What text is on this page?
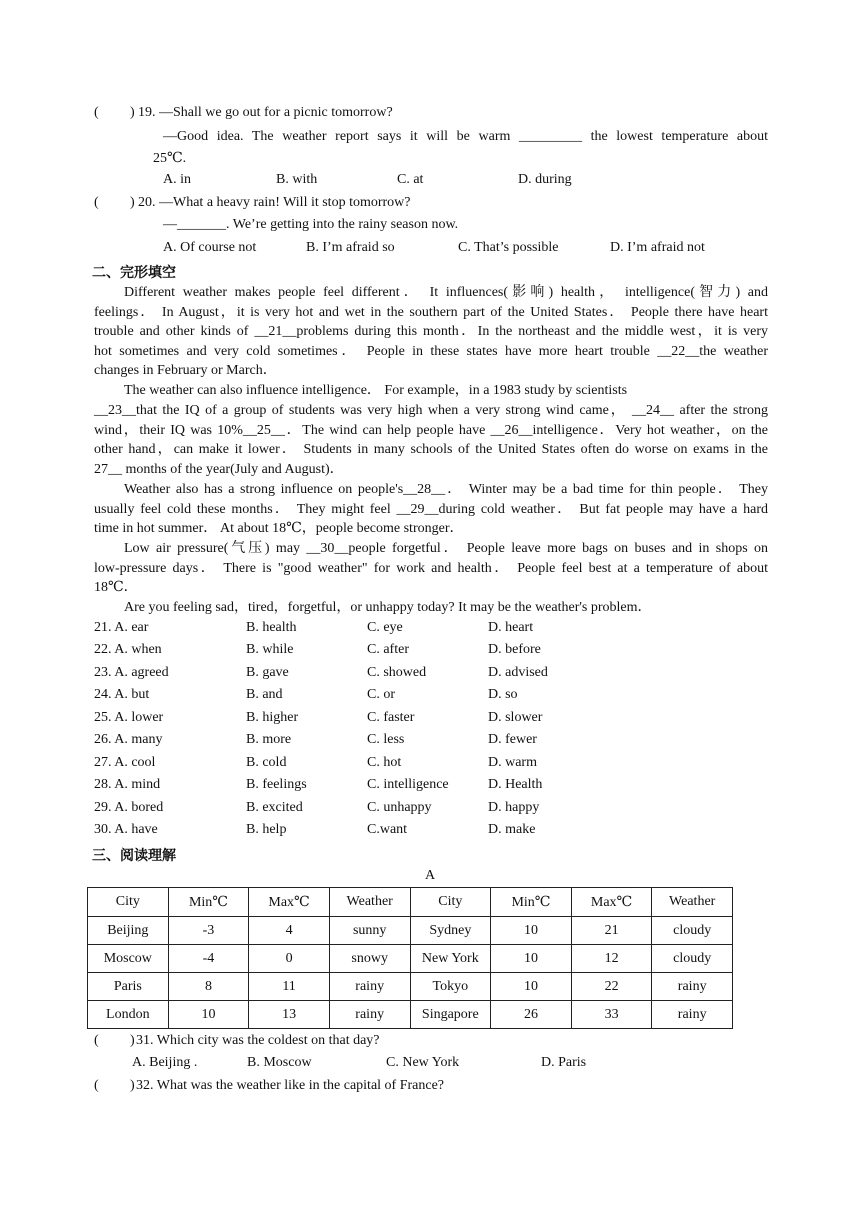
( ) 19. —Shall we go out for a picnic tomorrow?
—Good idea. The weather report says it will be warm _________ the lowest temperature about
25℃.
A. in	B. with	C. at	D. during
( ) 20. —What a heavy rain! Will it stop tomorrow?
—_______. We’re getting into the rainy season now.
A. Of course not	B. I’m afraid so	C. That’s possible	D. I’m afraid not
二、完形填空
Different weather makes people feel different． It influences(影响) health， intelligence(智力) and
feelings． In August，it is very hot and wet in the southern part of the United States． People there have heart
trouble and other kinds of __21__problems during this month．In the northeast and the middle west，it is very
hot sometimes and very cold sometimes． People in these states have more heart trouble __22__the weather
changes in February or March．
The weather can also influence intelligence． For example，in a 1983 study by scientists
__23__that the IQ of a group of students was very high when a very strong wind came， __24__ after the strong
wind，their IQ was 10%__25__．The wind can help people have __26__intelligence．Very hot weather，on the
other hand，can make it lower． Students in many schools of the United States often do worse on exams in the
27__ months of the year(July and August)．
Weather also has a strong influence on people's__28__． Winter may be a bad time for thin people． They
usually feel cold these months． They might feel __29__during cold weather． But fat people may have a hard
time in hot summer． At about 18℃，people become stronger．
Low air pressure(气压) may __30__people forgetful． People leave more bags on buses and in shops on
low-pressure days． There is "good weather" for work and health． People feel best at a temperature of about
18℃．
Are you feeling sad，tired，forgetful，or unhappy today? It may be the weather's problem．
21. A. ear	B. health	C. eye	D. heart
22. A. when	B. while	C. after	D. before
23. A. agreed	B. gave	C. showed	D. advised
24. A. but	B. and	C. or	D. so
25. A. lower	B. higher	C. faster	D. slower
26. A. many	B. more	C. less	D. fewer
27. A. cool	B. cold	C. hot	D. warm
28. A. mind	B. feelings	C. intelligence	D. Health
29. A. bored	B. excited	C. unhappy	D. happy
30. A. have	B. help	C.want	D. make
三、阅读理解
A
City	Min℃	Max℃	Weather	City	Min℃	Max℃	Weather
Beijing	-3	4	sunny	Sydney	10	21	cloudy
Moscow	-4	0	snowy	New York	10	12	cloudy
Paris	8	11	rainy	Tokyo	10	22	rainy
London	10	13	rainy	Singapore	26	33	rainy
( ) 31. Which city was the coldest on that day?
A. Beijing .	B. Moscow	C. New York	D. Paris
( ) 32. What was the weather like in the capital of France?
